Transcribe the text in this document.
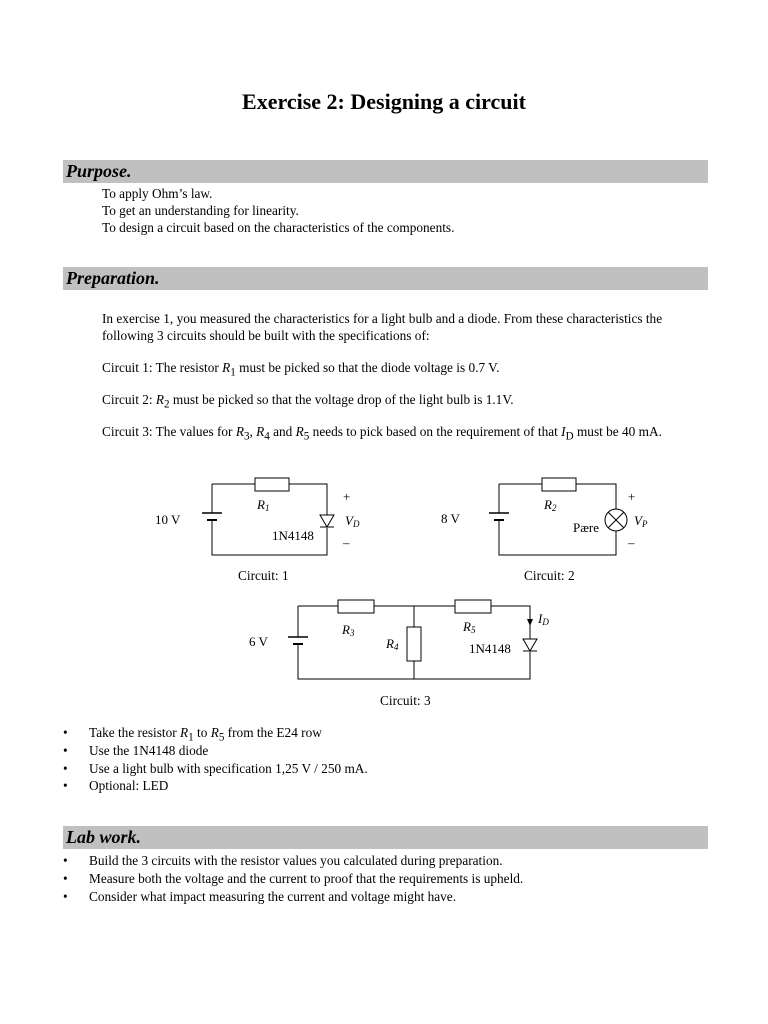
Exercise 2: Designing a circuit
Purpose.
To apply Ohm’s law.
To get an understanding for linearity.
To design a circuit based on the characteristics of the components.
Preparation.
In exercise 1, you measured the characteristics for a light bulb and a diode. From these characteristics the following 3 circuits should be built with the specifications of:
Circuit 1: The resistor $R_1$ must be picked so that the diode voltage is 0.7 V.
Circuit 2: $R_2$ must be picked so that the voltage drop of the light bulb is 1.1V.
Circuit 3: The values for $R_3$, $R_4$ and $R_5$ needs to pick based on the requirement of that $I_D$ must be 40 mA.
R1
10 V
1N4148
+
VD
–
R2
8 V
Pære
+
VP
–
R3
R4
R5
ID
6 V	1N4148
Circuit: 1	Circuit: 2
Circuit: 3
• Take the resistor $R_1$ to $R_5$ from the E24 row
• Use the 1N4148 diode
• Use a light bulb with specification 1,25 V / 250 mA.
• Optional: LED
Lab work.
• Build the 3 circuits with the resistor values you calculated during preparation.
• Measure both the voltage and the current to proof that the requirements is upheld.
• Consider what impact measuring the current and voltage might have.
